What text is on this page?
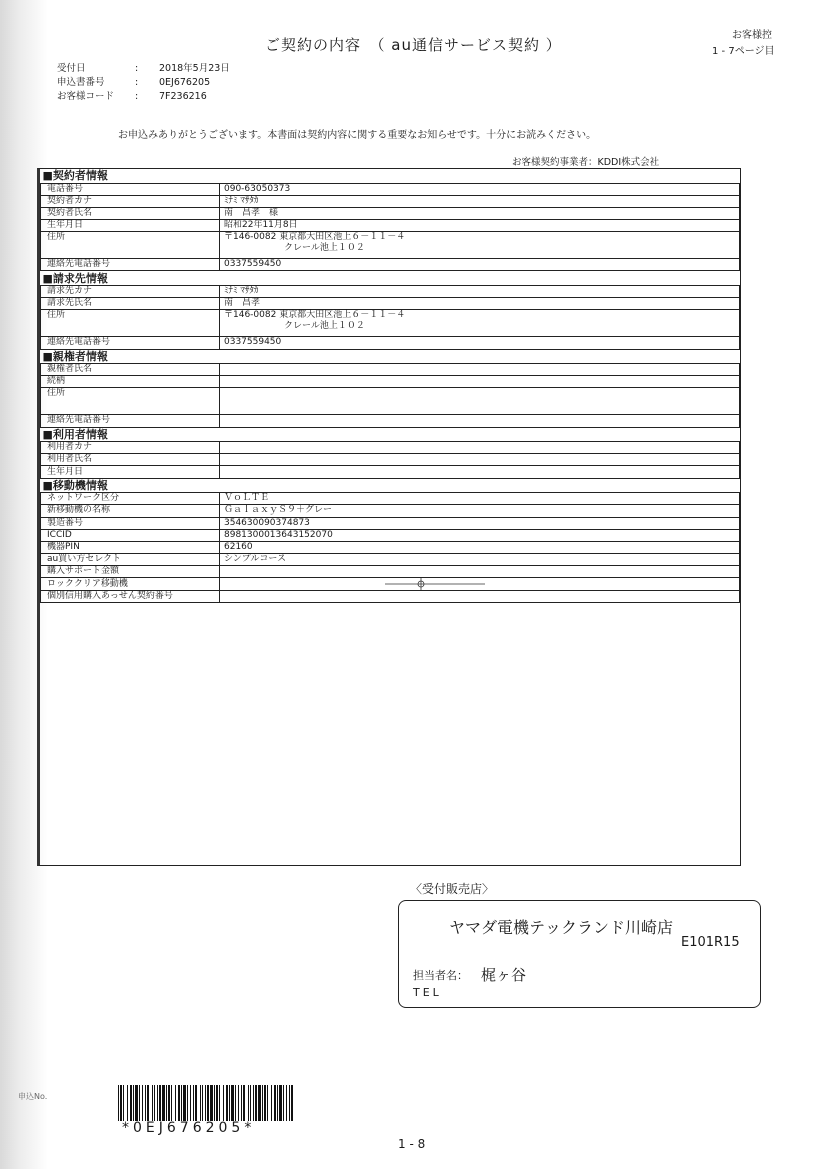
ご契約の内容　（ au通信サービス契約 ）
お客様控
1 - 7ページ目
受付日	:	2018年5月23日
申込書番号	:	0EJ676205
お客様コード	:	7F236216
お申込みありがとうございます。本書面は契約内容に関する重要なお知らせです。十分にお読みください。
お客様契約事業者：KDDI株式会社
■契約者情報	
電話番号	090-63050373
契約者カナ	ﾐﾅﾐ ﾏｻﾀｶ
契約者氏名	南　昌孝　様
生年月日	昭和22年11月8日
住所	〒146-0082 東京都大田区池上６－１１－４
クレール池上１０２

連絡先電話番号	0337559450
■請求先情報	
請求先カナ	ﾐﾅﾐ ﾏｻﾀｶ
請求先氏名	南　昌孝
住所	〒146-0082 東京都大田区池上６－１１－４
クレール池上１０２

連絡先電話番号	0337559450
■親権者情報	
親権者氏名	
続柄	
住所	
連絡先電話番号	
■利用者情報	
利用者カナ	
利用者氏名	
生年月日	
■移動機情報	
ネットワーク区分	ＶｏＬＴＥ
新移動機の名称	ＧａｌａｘｙＳ９＋グレー
製造番号	354630090374873
ICCID	8981300013643152070
機器PIN	62160
au買い方セレクト	シンプルコース
購入サポート金額	
ロッククリア移動機	
個別信用購入あっせん契約番号	
〈受付販売店〉
ヤマダ電機テックランド川崎店
E101R15
担当者名： 梶ヶ谷
TEL
申込No.
*0EJ676205*
1 - 8
